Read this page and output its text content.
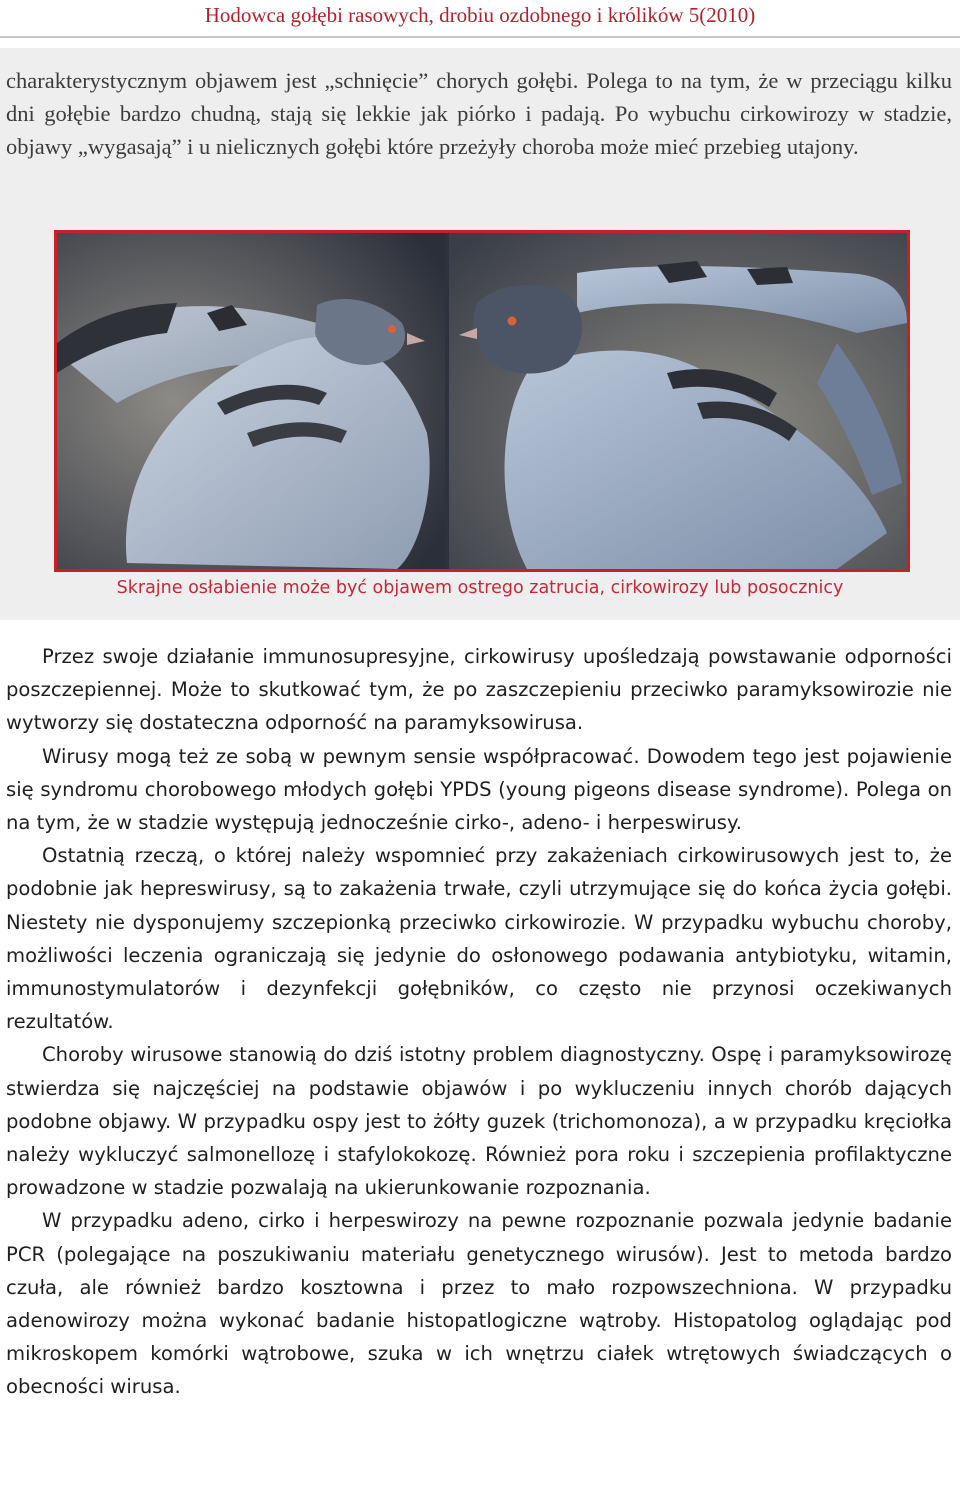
Hodowca gołębi rasowych, drobiu ozdobnego i królików 5(2010)
charakterystycznym objawem jest „schnięcie” chorych gołębi. Polega to na tym, że w przeciągu kilku dni gołębie bardzo chudną, stają się lekkie jak piórko i padają. Po wybuchu cirkowirozy w stadzie, objawy „wygasają” i u nielicznych gołębi które przeżyły choroba może mieć przebieg utajony.
Skrajne osłabienie może być objawem ostrego zatrucia, cirkowirozy lub posocznicy

Przez swoje działanie immunosupresyjne, cirkowirusy upośledzają powstawanie odporności poszczepiennej. Może to skutkować tym, że po zaszczepieniu przeciwko paramyksowirozie nie wytworzy się dostateczna odporność na paramyksowirusa.

Wirusy mogą też ze sobą w pewnym sensie współpracować. Dowodem tego jest pojawienie się syndromu chorobowego młodych gołębi YPDS (young pigeons disease syndrome). Polega on na tym, że w stadzie występują jednocześnie cirko-, adeno- i herpeswirusy.

Ostatnią rzeczą, o której należy wspomnieć przy zakażeniach cirkowirusowych jest to, że podobnie jak hepreswirusy, są to zakażenia trwałe, czyli utrzymujące się do końca życia gołębi. Niestety nie dysponujemy szczepionką przeciwko cirkowirozie. W przypadku wybuchu choroby, możliwości leczenia ograniczają się jedynie do osłonowego podawania antybiotyku, witamin, immunostymulatorów i dezynfekcji gołębników, co często nie przynosi oczekiwanych rezultatów.

Choroby wirusowe stanowią do dziś istotny problem diagnostyczny. Ospę i paramyksowirozę stwierdza się najczęściej na podstawie objawów i po wykluczeniu innych chorób dających podobne objawy. W przypadku ospy jest to żółty guzek (trichomonoza), a w przypadku kręciołka należy wykluczyć salmonellozę i stafylokokozę. Również pora roku i szczepienia profilaktyczne prowadzone w stadzie pozwalają na ukierunkowanie rozpoznania.

W przypadku adeno, cirko i herpeswirozy na pewne rozpoznanie pozwala jedynie badanie PCR (polegające na poszukiwaniu materiału genetycznego wirusów). Jest to metoda bardzo czuła, ale również bardzo kosztowna i przez to mało rozpowszechniona. W przypadku adenowirozy można wykonać badanie histopatlogiczne wątroby. Histopatolog oglądając pod mikroskopem komórki wątrobowe, szuka w ich wnętrzu ciałek wtrętowych świadczących o obecności wirusa.
